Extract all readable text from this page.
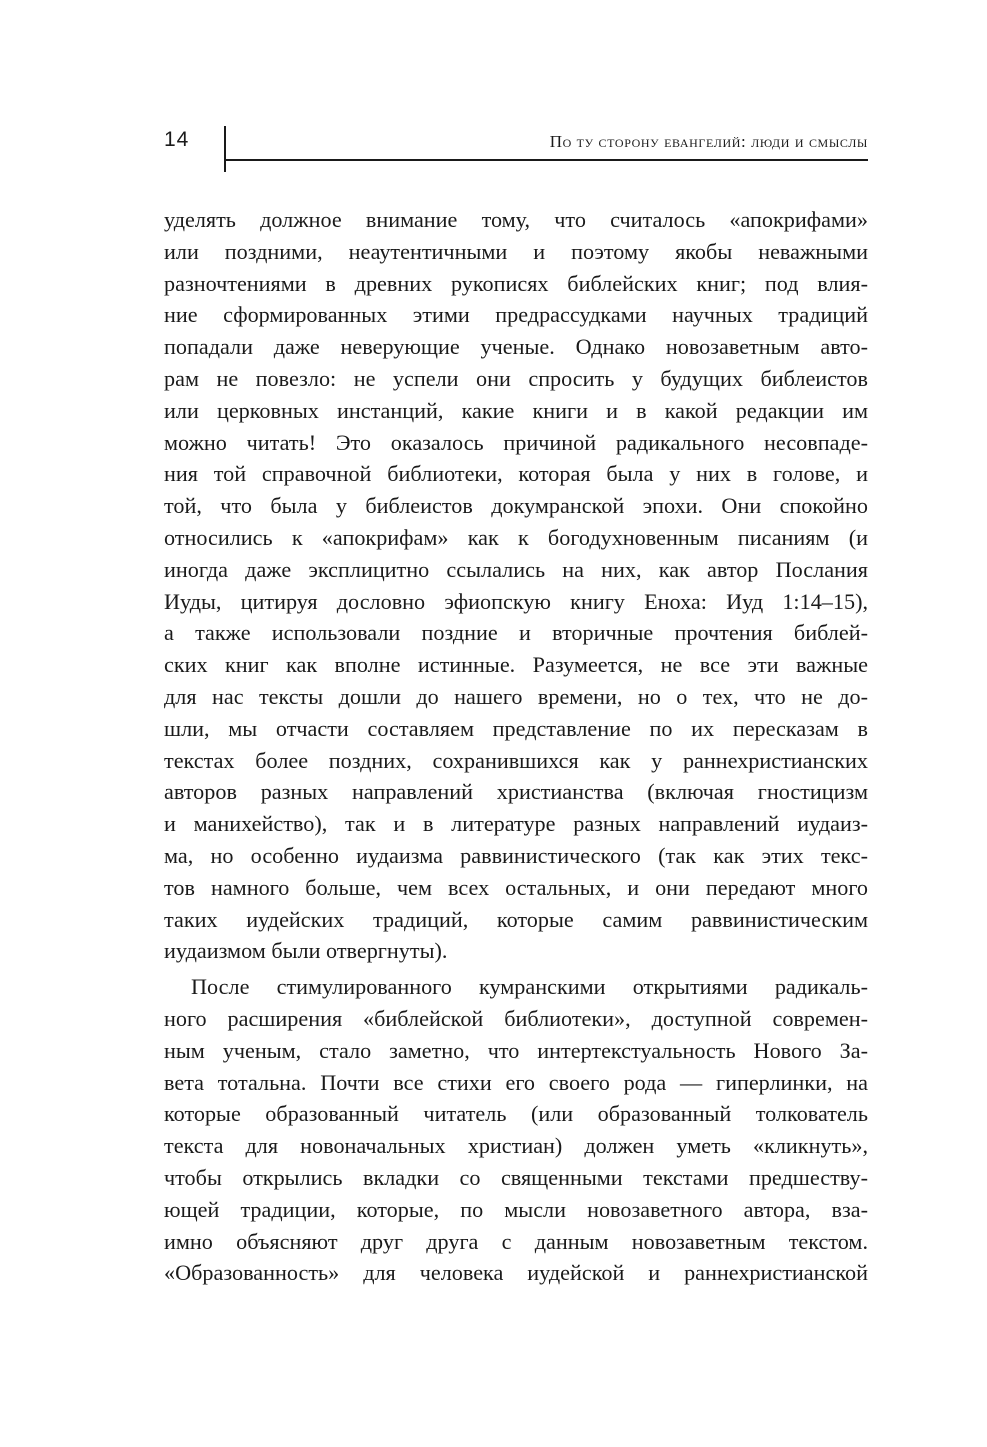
14	По ту сторону евангелий: люди и смыслы
уделять должное внимание тому, что считалось «апокрифами»
или поздними, неаутентичными и поэтому якобы неважными
разночтениями в древних рукописях библейских книг; под влия-
ние сформированных этими предрассудками научных традиций
попадали даже неверующие ученые. Однако новозаветным авто-
рам не повезло: не успели они спросить у будущих библеистов
или церковных инстанций, какие книги и в какой редакции им
можно читать! Это оказалось причиной радикального несовпаде-
ния той справочной библиотеки, которая была у них в голове, и
той, что была у библеистов докумранской эпохи. Они спокойно
относились к «апокрифам» как к богодухновенным писаниям (и
иногда даже эксплицитно ссылались на них, как автор Послания
Иуды, цитируя дословно эфиопскую книгу Еноха: Иуд 1:14–15),
а также использовали поздние и вторичные прочтения библей-
ских книг как вполне истинные. Разумеется, не все эти важные
для нас тексты дошли до нашего времени, но о тех, что не до-
шли, мы отчасти составляем представление по их пересказам в
текстах более поздних, сохранившихся как у раннехристианских
авторов разных направлений христианства (включая гностицизм
и манихейство), так и в литературе разных направлений иудаиз-
ма, но особенно иудаизма раввинистического (так как этих текс-
тов намного больше, чем всех остальных, и они передают много
таких иудейских традиций, которые самим раввинистическим
иудаизмом были отвергнуты).
После стимулированного кумранскими открытиями радикаль-
ного расширения «библейской библиотеки», доступной современ-
ным ученым, стало заметно, что интертекстуальность Нового За-
вета тотальна. Почти все стихи его своего рода — гиперлинки, на
которые образованный читатель (или образованный толкователь
текста для новоначальных христиан) должен уметь «кликнуть»,
чтобы открылись вкладки со священными текстами предшеству-
ющей традиции, которые, по мысли новозаветного автора, вза-
имно объясняют друг друга с данным новозаветным текстом.
«Образованность» для человека иудейской и раннехристианской
